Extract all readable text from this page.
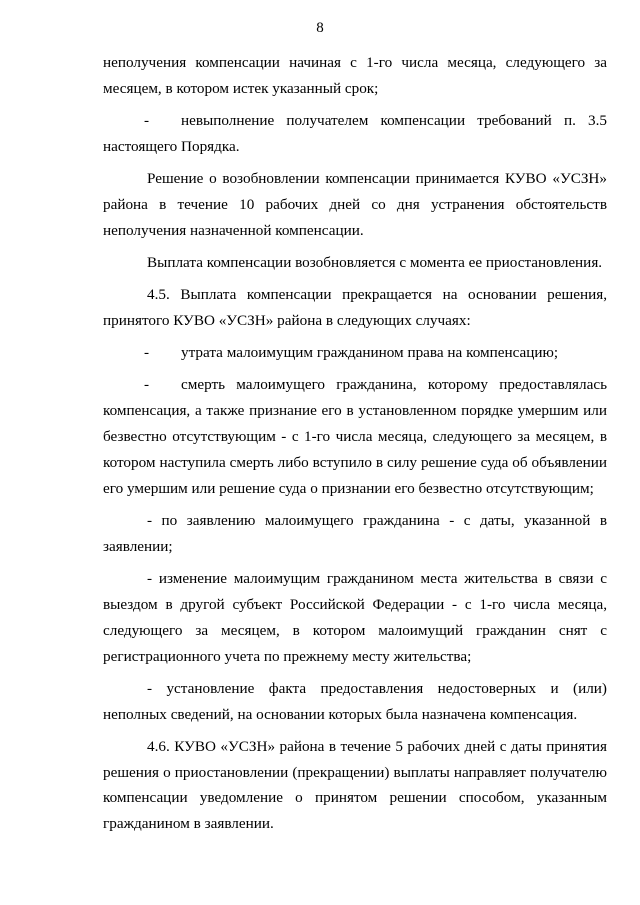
8

неполучения компенсации начиная с 1-го числа месяца, следующего за месяцем, в котором истек указанный срок;

- невыполнение получателем компенсации требований п. 3.5 настоящего Порядка.

Решение о возобновлении компенсации принимается КУВО «УСЗН» района в течение 10 рабочих дней со дня устранения обстоятельств неполучения назначенной компенсации.

Выплата компенсации возобновляется с момента ее приостановления.

4.5. Выплата компенсации прекращается на основании решения, принятого КУВО «УСЗН» района в следующих случаях:

- утрата малоимущим гражданином права на компенсацию;

- смерть малоимущего гражданина, которому предоставлялась компенсация, а также признание его в установленном порядке умершим или безвестно отсутствующим - с 1-го числа месяца, следующего за месяцем, в котором наступила смерть либо вступило в силу решение суда об объявлении его умершим или решение суда о признании его безвестно отсутствующим;

- по заявлению малоимущего гражданина - с даты, указанной в заявлении;

- изменение малоимущим гражданином места жительства в связи с выездом в другой субъект Российской Федерации - с 1-го числа месяца, следующего за месяцем, в котором малоимущий гражданин снят с регистрационного учета по прежнему месту жительства;

- установление факта предоставления недостоверных и (или) неполных сведений, на основании которых была назначена компенсация.

4.6. КУВО «УСЗН» района в течение 5 рабочих дней с даты принятия решения о приостановлении (прекращении) выплаты направляет получателю компенсации уведомление о принятом решении способом, указанным гражданином в заявлении.
